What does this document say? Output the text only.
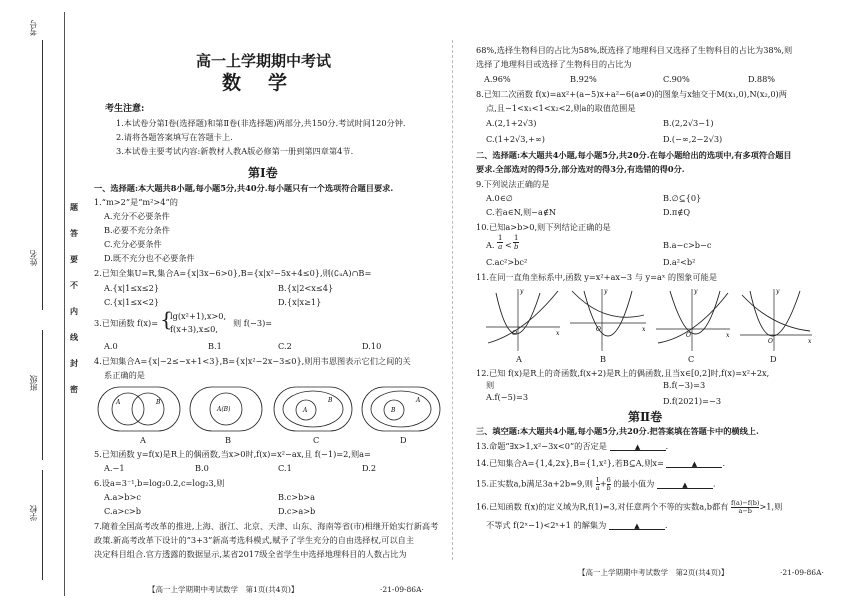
考号
姓名
班级
学校
题
答
要
不
内
线
封
密
高一上学期期中考试
数　学
考生注意:
1.本试卷分第Ⅰ卷(选择题)和第Ⅱ卷(非选择题)两部分,共150分.考试时间120分钟.
2.请将各题答案填写在答题卡上.
3.本试卷主要考试内容:新教材人教A版必修第一册到第四章第4节.
第Ⅰ卷
一、选择题:本大题共8小题,每小题5分,共40分.每小题只有一个选项符合题目要求.
1.“m>2”是“m²>4”的
A.充分不必要条件
B.必要不充分条件
C.充分必要条件
D.既不充分也不必要条件
2.已知全集U=R,集合A={x|3x−6>0},B={x|x²−5x+4≤0},则(∁ᵤA)∩B=
A.{x|1≤x≤2}	B.{x|2<x≤4}
C.{x|1≤x<2}	D.{x|x≥1}
3.已知函数 f(x)= {
lg(x²+1),x>0,
f(x+3),x≤0,
则 f(−3)=
A.0	B.1	C.2	D.10
4.已知集合A={x|−2≤−x+1<3},B={x|x²−2x−3≤0},则用韦恩图表示它们之间的关
系正确的是
A	B
A(B)	A
B
B
A
A	B	C	D
5.已知函数 y=f(x)是R上的偶函数,当x>0时,f(x)=x²−ax,且 f(−1)=2,则a=
A.−1	B.0	C.1	D.2
6.设a=3⁻¹,b=log₂0.2,c=log₂3,则
A.a>b>c	B.c>b>a
C.a>c>b	D.c>a>b
7.随着全国高考改革的推进,上海、浙江、北京、天津、山东、海南等省(市)相继开始实行新高考
政策.新高考改革下设计的“3+3”新高考选科模式,赋予了学生充分的自由选择权,可以自主
决定科目组合.官方透露的数据显示,某省2017级全省学生中选择地理科目的人数占比为
【高一上学期期中考试数学　第1页(共4页)】	·21-09-86A·
68%,选择生物科目的占比为58%,既选择了地理科目又选择了生物科目的占比为38%,则
选择了地理科目或选择了生物科目的占比为
A.96%	B.92%	C.90%	D.88%
8.已知二次函数 f(x)=ax²+(a−5)x+a²−6(a≠0)的图象与x轴交于M(x₁,0),N(x₂,0)两
点,且−1<x₁<1<x₂<2,则a的取值范围是
A.(2,1+2√3)	B.(2,2√3−1)
C.(1+2√3,+∞)	D.(−∞,2−2√3)
二、选择题:本大题共4小题,每小题5分,共20分.在每小题给出的选项中,有多项符合题目
要求.全部选对的得5分,部分选对的得3分,有选错的得0分.
9.下列说法正确的是
A.0∈∅	B.∅⊆{0}
C.若a∈N,则−a∉N	D.π∉Q
10.已知a>b>0,则下列结论正确的是
A.
1
a <
1
b	B.a−c>b−c
C.ac²>bc²	D.a²<b²
11.在同一直角坐标系中,函数 y=x²+ax−3 与 y=aˣ 的图象可能是
O	x
y
O	x
y
O	x
y
O	x
y
A	B	C	D
12.已知 f(x)是R上的奇函数,f(x+2)是R上的偶函数,且当x∈[0,2]时,f(x)=x²+2x,
则
A.f(−5)=3
B.f(−3)=3
D.f(2021)=−3
第Ⅱ卷
三、填空题:本大题共4小题,每小题5分,共20分.把答案填在答题卡中的横线上.
13.命题“∃x>1,x²−3x<0”的否定是	▲	.
14.已知集合A={1,4,2x},B={1,x²},若B⊆A,则x=	▲	.
15.正实数a,b满足3a+2b=9,则 $\frac{1}{a} + \frac{6}{b}$ 的最小值为	▲	.
16.已知函数 f(x)的定义域为R,f(1)=3,对任意两个不等的实数a,b都有 $\frac{f(a)-f(b)}{a-b} >1$,则
不等式 f(2ˣ−1)<2ˣ+1 的解集为	▲	.
【高一上学期期中考试数学　第2页(共4页)】	·21-09-86A·
